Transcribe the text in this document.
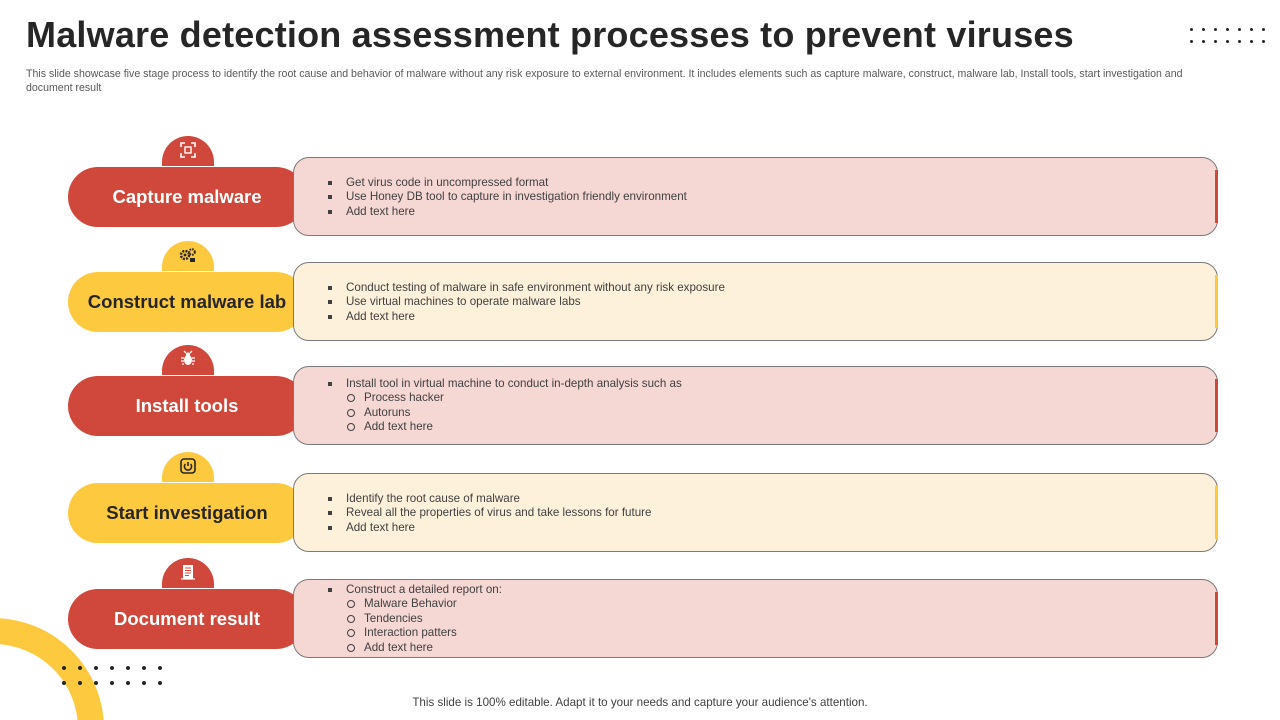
Malware detection assessment processes to prevent viruses
This slide showcase five stage process to identify the root cause and behavior of malware without any risk exposure to external environment. It includes elements such as capture malware, construct, malware lab, Install tools, start investigation and document result
Capture malware
Get virus code in uncompressed format
Use Honey DB tool to capture in investigation friendly environment
Add text here
Construct malware lab
Conduct testing of malware in safe environment without any risk exposure
Use virtual machines to operate malware labs
Add text here
Install tools
Install tool in virtual machine to conduct in-depth analysis such as
Process hacker
Autoruns
Add text here
Start investigation
Identify the root cause of malware
Reveal all the properties of virus and take lessons for future
Add text here
Document result
Construct a detailed report on:
Malware Behavior
Tendencies
Interaction patters
Add text here
This slide is 100% editable. Adapt it to your needs and capture your audience's attention.
